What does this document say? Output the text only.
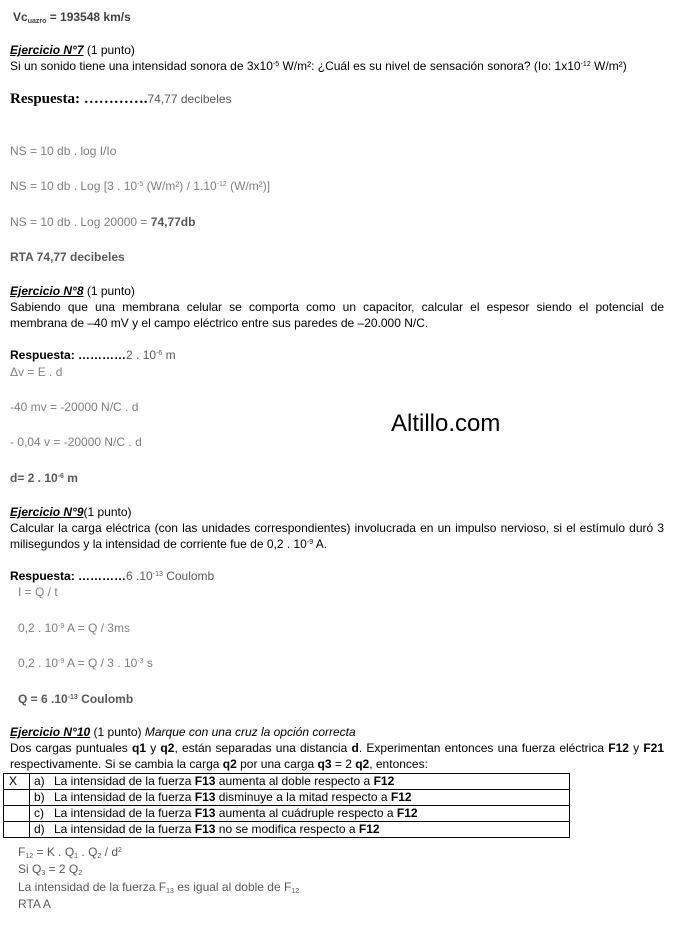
$Vc_{uazro} = 193548$ km/s
Ejercicio N°7 (1 punto)
Si un sonido tiene una intensidad sonora de $3x10^{-5}$ W/m²: ¿Cuál es su nivel de sensación sonora? (Io: $1x10^{-12}$ W/m²)
Respuesta: ………….74,77 decibeles
NS = 10 db . log I/Io
NS = 10 db . Log [3 . $10^{-5}$ $(W/m^2) / 1.10^{-12}$ (W/m²)]
NS = 10 db . Log 20000 = 74,77db
RTA 74,77 decibeles
Ejercicio N°8 (1 punto)
Sabiendo que una membrana celular se comporta como un capacitor, calcular el espesor siendo el potencial de
membrana de –40 mV y el campo eléctrico entre sus paredes de –20.000 N/C.
Respuesta: …………2 . $10^{-6}$ m
Δv = E . d
-40 mv = -20000 N/C . d
- 0,04 v = -20000 N/C . d
d= 2 . $10^{-6}$ m
Altillo.com
Ejercicio N°9(1 punto)
Calcular la carga eléctrica (con las unidades correspondientes) involucrada en un impulso nervioso, si el estímulo duró 3
milisegundos y la intensidad de corriente fue de 0,2 . $10^{-9}$ A.
Respuesta: …………6 $.10^{-13}$ Coulomb
I = Q / t
0,2 . $10^{-9}$ A = Q / 3ms
0,2 . $10^{-9}$ A = Q / 3 . $10^{-3}$ s
Q = 6 $.10^{-13}$ Coulomb
Ejercicio N°10 (1 punto) Marque con una cruz la opción correcta
Dos cargas puntuales q1 y q2, están separadas una distancia d. Experimentan entonces una fuerza eléctrica F12 y F21
respectivamente. Si se cambia la carga q2 por una carga q3 = 2 q2, entonces:
X	a)	La intensidad de la fuerza F13 aumenta al doble respecto a F12
	b)	La intensidad de la fuerza F13 disminuye a la mitad respecto a F12
	c)	La intensidad de la fuerza F13 aumenta al cuádruple respecto a F12
	d)	La intensidad de la fuerza F13 no se modifica respecto a F12
$F_{12} = K$ . $Q_1$ . $Q_2 / d^2$
Si $Q_3 = 2$ $Q_2$
La intensidad de la fuerza $F_{13}$ es igual al doble de $F_{12}$
RTA A
